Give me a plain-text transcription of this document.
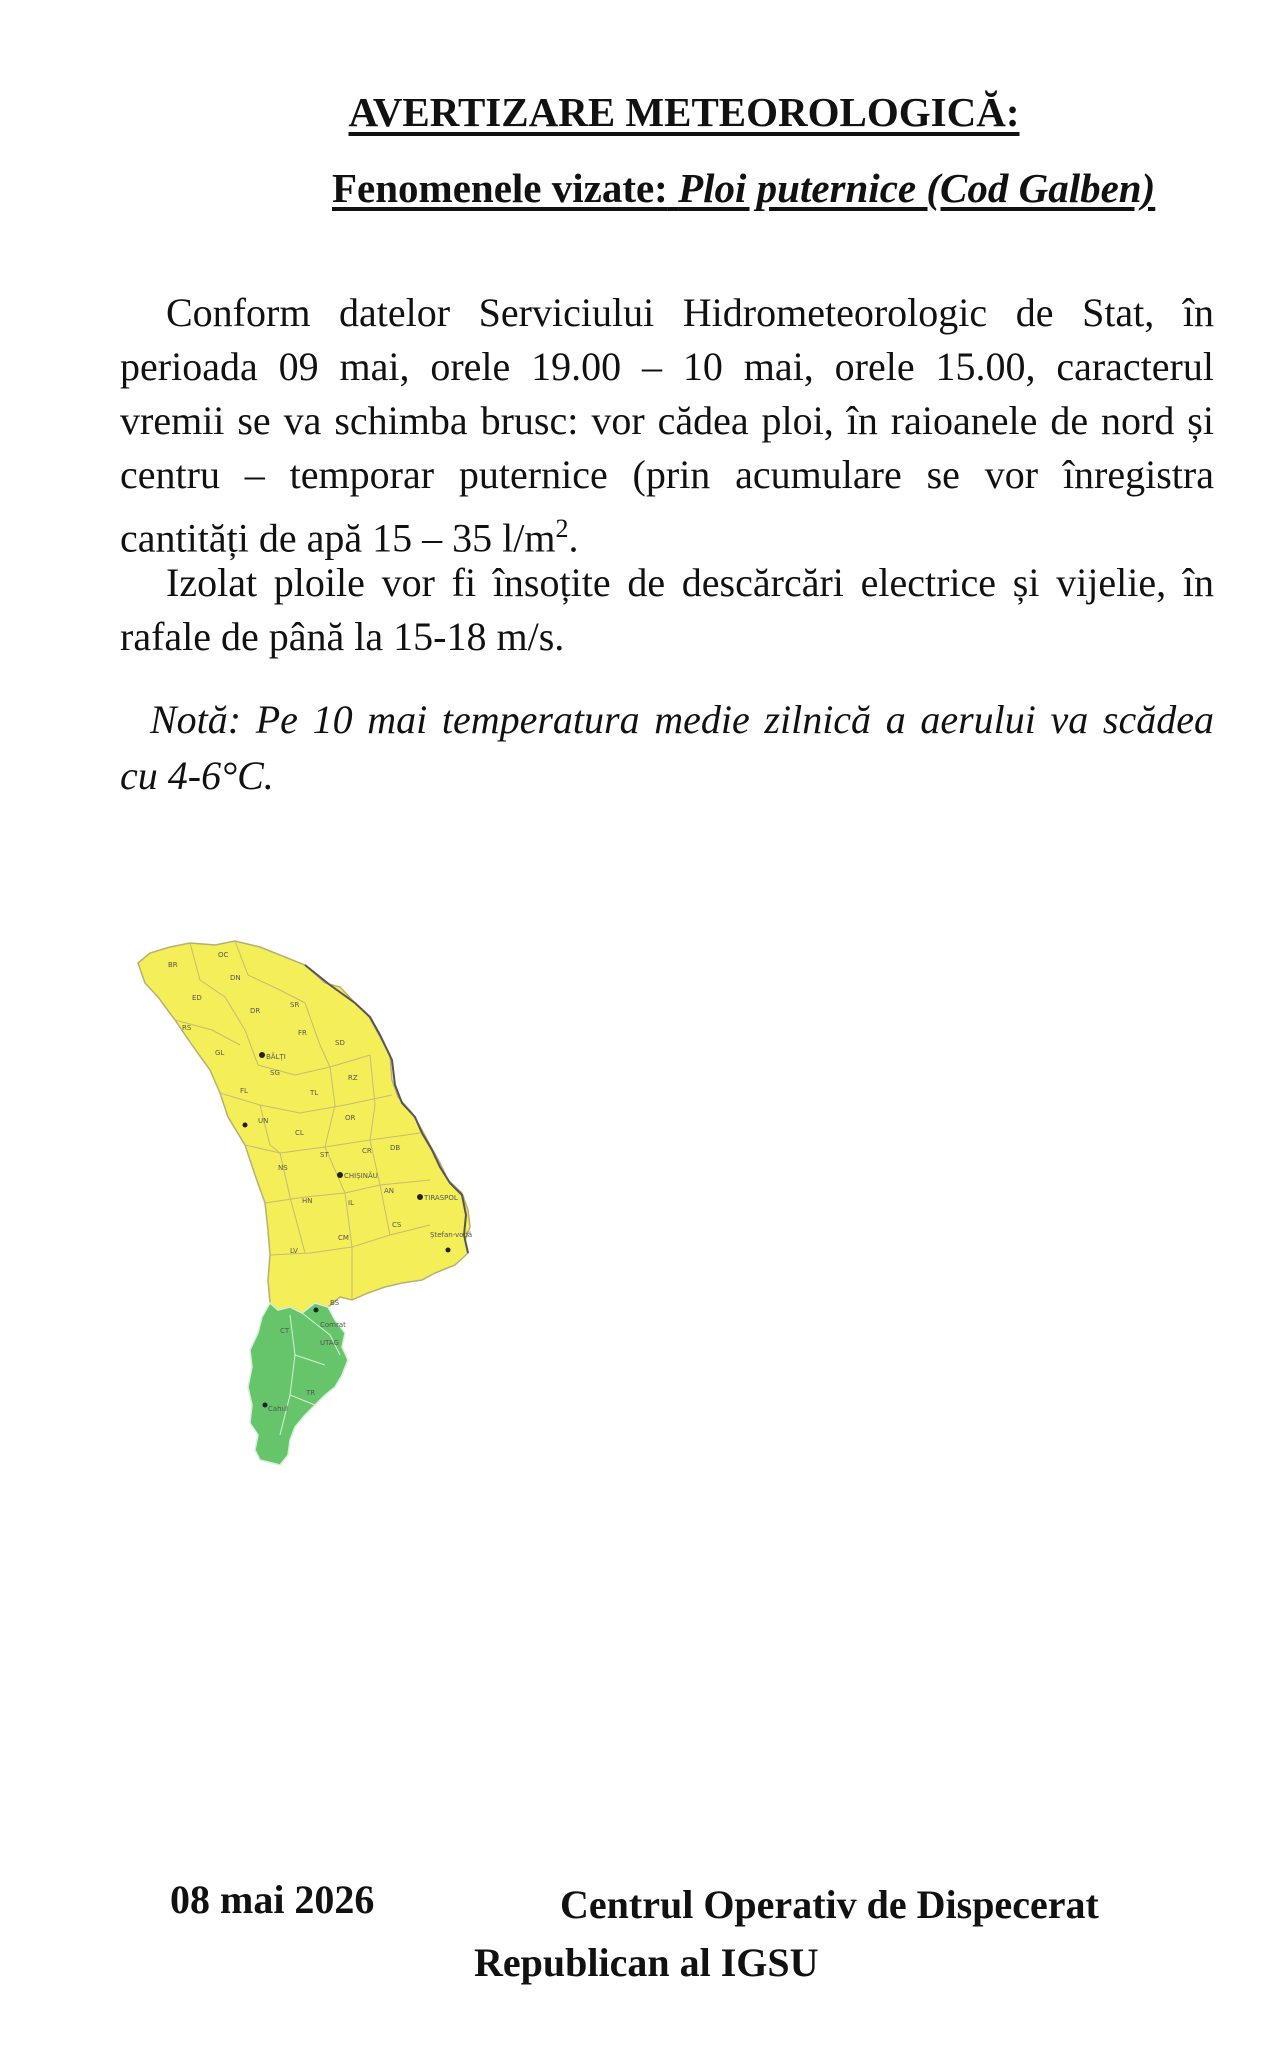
AVERTIZARE METEOROLOGICĂ:
Fenomenele vizate: Ploi puternice (Cod Galben)

Conform datelor Serviciului Hidrometeorologic de Stat, în perioada 09 mai, orele 19.00 – 10 mai, orele 15.00, caracterul vremii se va schimba brusc: vor cădea ploi, în raioanele de nord și centru – temporar puternice (prin acumulare se vor înregistra cantități de apă 15 – 35 $l/m^2$.

Izolat ploile vor fi însoțite de descărcări electrice și vijelie, în rafale de până la 15-18 m/s.

Notă: Pe 10 mai temperatura medie zilnică a aerului va scădea cu 4-6°C.

OC
BR
DN
ED
DR
SR
RS
FR
SD
GL	BĂLȚI
SG
RZ
FL	TL
UN	OR
CL
ST	CR	DB
NS
CHIȘINĂU
AN
HN	IL
TIRASPOL
CS
Ștefan-vodă
LV
CM
BS
CT
Comrat
UTAG
TR
Cahul
08 mai 2026	Centrul Operativ de Dispecerat
Republican al IGSU
